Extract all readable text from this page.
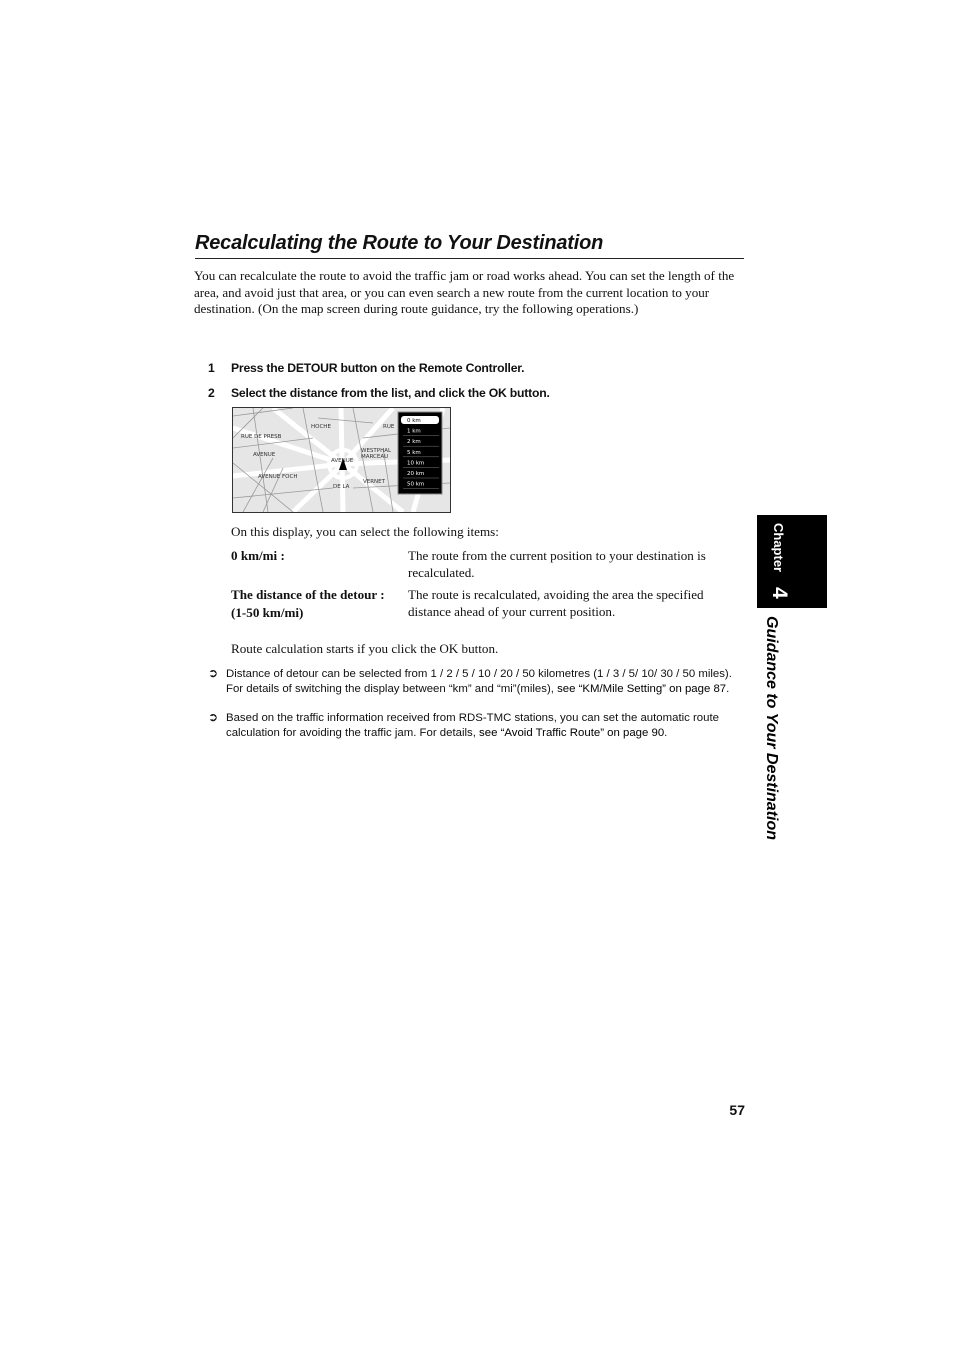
Recalculating the Route to Your Destination
You can recalculate the route to avoid the traffic jam or road works ahead. You can set the length of the area, and avoid just that area, or you can even search a new route from the current location to your destination. (On the map screen during route guidance, try the following operations.)
1 Press the DETOUR button on the Remote Controller.
2 Select the distance from the list, and click the OK button.
AVENUE FOCH
AVENUE
WESTPHAL
MARCEAU
RUE
RUE DE PRESB
VERNET
DE LA
HOCHE
AVENUE
0 km
1 km
2 km
5 km
10 km
20 km
50 km
On this display, you can select the following items:
0 km/mi :	The route from the current position to your destination is recalculated.
The distance of the detour :
(1-50 km/mi)
The route is recalculated, avoiding the area the specified distance ahead of your current position.
Route calculation starts if you click the OK button.
➲ Distance of detour can be selected from 1 / 2 / 5 / 10 / 20 / 50 kilometres (1 / 3 / 5/ 10/ 30 / 50 miles). For details of switching the display between “km” and “mi”(miles), see “KM/Mile Setting” on page 87.
➲ Based on the traffic information received from RDS-TMC stations, you can set the automatic route calculation for avoiding the traffic jam. For details, see “Avoid Traffic Route” on page 90.
Chapter
4
Guidance to Your Destination
57
